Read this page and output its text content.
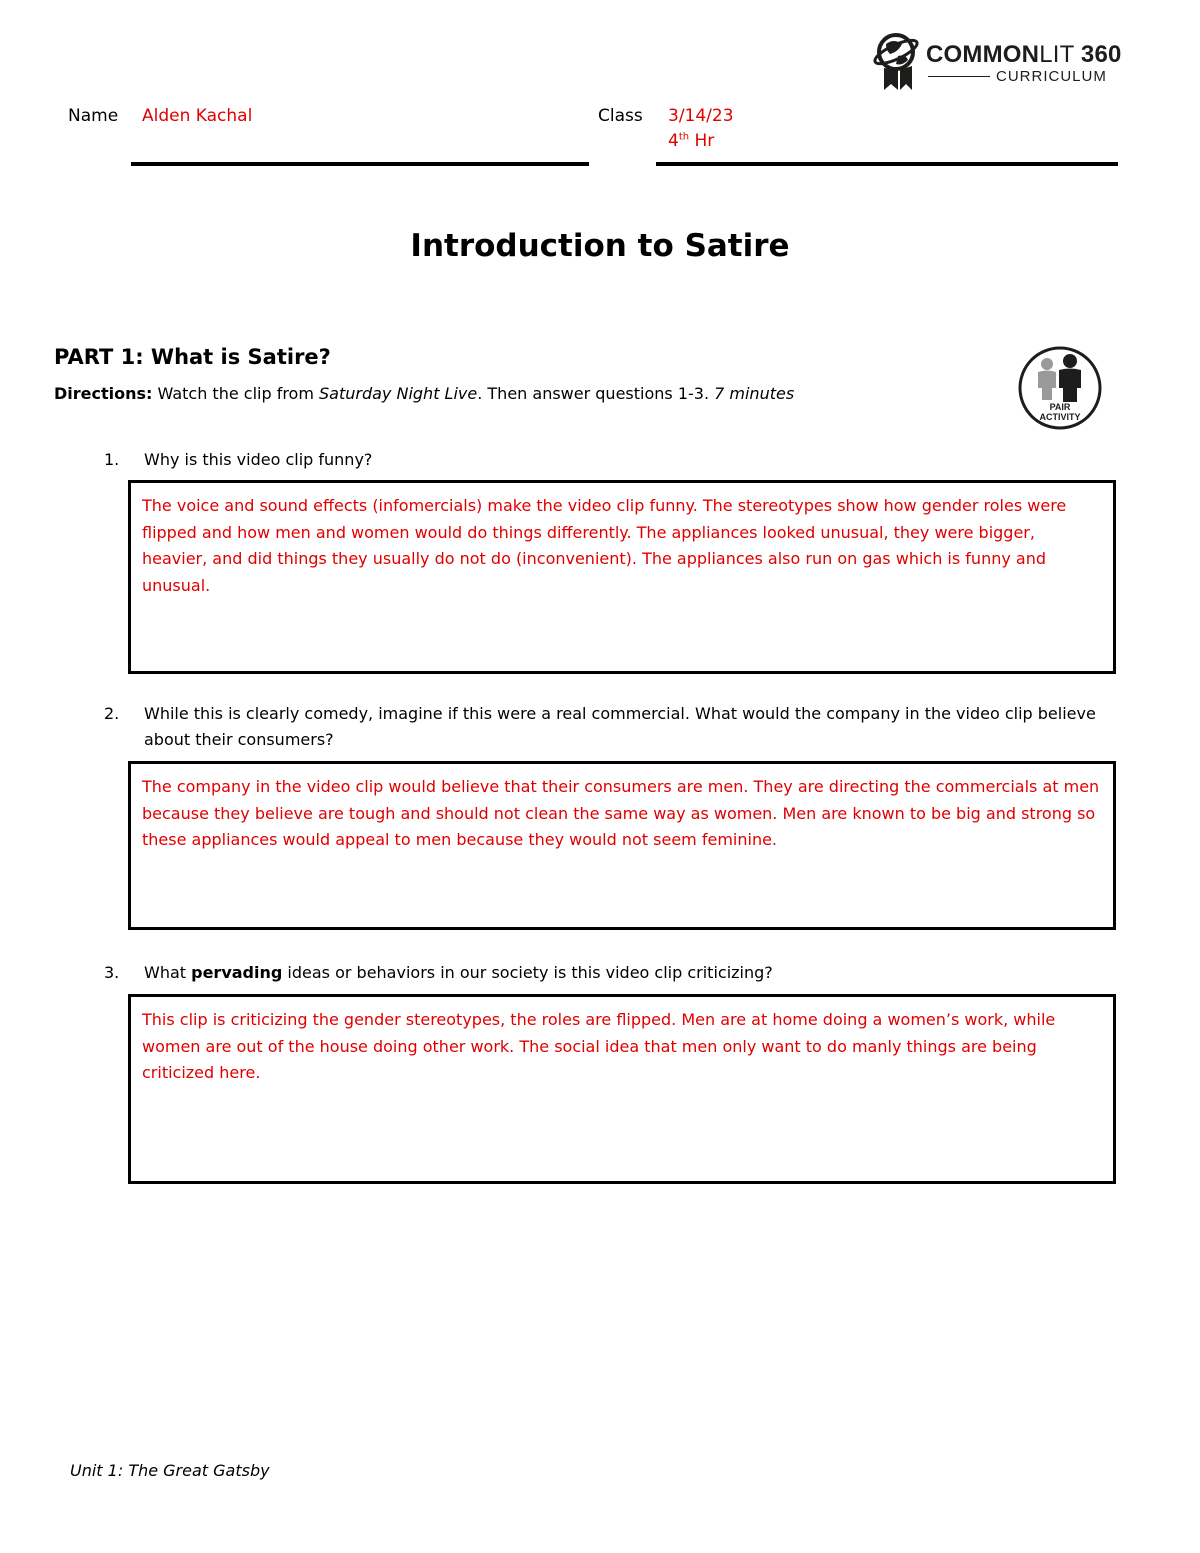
COMMONLIT 360
CURRICULUM
Name Alden Kachal	Class 3/14/23
4th Hr
Introduction to Satire
PART 1: What is Satire?
Directions: Watch the clip from Saturday Night Live. Then answer questions 1-3. 7 minutes
PAIR
ACTIVITY
1. Why is this video clip funny?
The voice and sound effects (infomercials) make the video clip funny. The stereotypes show how gender roles were flipped and how men and women would do things differently. The appliances looked unusual, they were bigger, heavier, and did things they usually do not do (inconvenient). The appliances also run on gas which is funny and unusual.
2. While this is clearly comedy, imagine if this were a real commercial. What would the company in the video clip believe about their consumers?
The company in the video clip would believe that their consumers are men. They are directing the commercials at men because they believe are tough and should not clean the same way as women. Men are known to be big and strong so these appliances would appeal to men because they would not seem feminine.
3. What pervading ideas or behaviors in our society is this video clip criticizing?
This clip is criticizing the gender stereotypes, the roles are flipped. Men are at home doing a women’s work, while women are out of the house doing other work. The social idea that men only want to do manly things are being criticized here.
Unit 1: The Great Gatsby
